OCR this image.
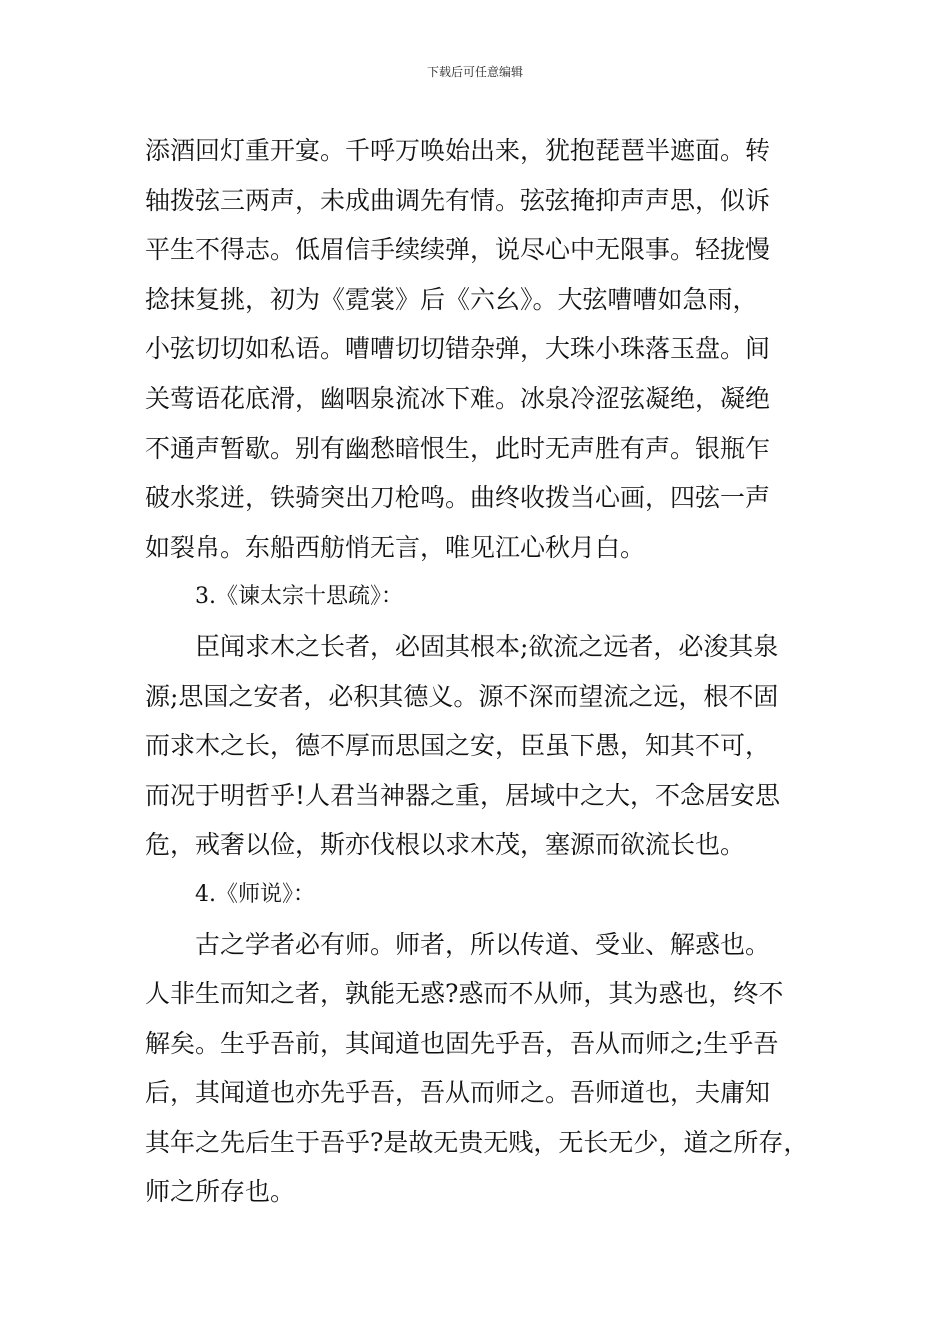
下载后可任意编辑
添酒回灯重开宴。千呼万唤始出来，犹抱琵琶半遮面。转
轴拨弦三两声，未成曲调先有情。弦弦掩抑声声思，似诉
平生不得志。低眉信手续续弹，说尽心中无限事。轻拢慢
捻抹复挑，初为《霓裳》后《六幺》。大弦嘈嘈如急雨，
小弦切切如私语。嘈嘈切切错杂弹，大珠小珠落玉盘。间
关莺语花底滑，幽咽泉流冰下难。冰泉冷涩弦凝绝，凝绝
不通声暂歇。别有幽愁暗恨生，此时无声胜有声。银瓶乍
破水浆迸，铁骑突出刀枪鸣。曲终收拨当心画，四弦一声
如裂帛。东船西舫悄无言，唯见江心秋月白。
3.《谏太宗十思疏》：
臣闻求木之长者，必固其根本;欲流之远者，必浚其泉
源;思国之安者，必积其德义。源不深而望流之远，根不固
而求木之长，德不厚而思国之安，臣虽下愚，知其不可，
而况于明哲乎!人君当神器之重，居域中之大，不念居安思
危，戒奢以俭，斯亦伐根以求木茂，塞源而欲流长也。
4.《师说》：
古之学者必有师。师者，所以传道、受业、解惑也。
人非生而知之者，孰能无惑?惑而不从师，其为惑也，终不
解矣。生乎吾前，其闻道也固先乎吾，吾从而师之;生乎吾
后，其闻道也亦先乎吾，吾从而师之。吾师道也，夫庸知
其年之先后生于吾乎?是故无贵无贱，无长无少，道之所存，
师之所存也。
